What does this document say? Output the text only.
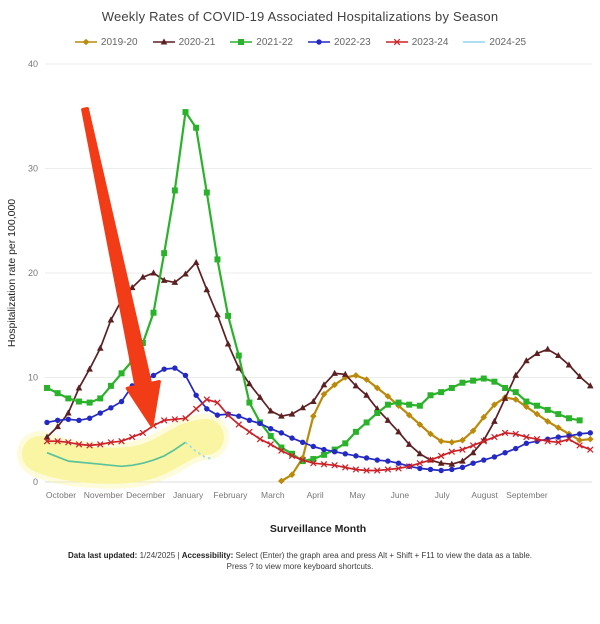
Weekly Rates of COVID-19 Associated Hospitalizations by Season
2019-20	2020-21	2021-22	2022-23	2023-24	2024-25
0
10
20
30
40
Hospitalization rate per 100,000
October November December January February March	April	May	June	July	August September
Surveillance Month
Data last updated: 1/24/2025 | Accessibility: Select (Enter) the graph area and press Alt + Shift + F11 to view the data as a table.
Press ? to view more keyboard shortcuts.
